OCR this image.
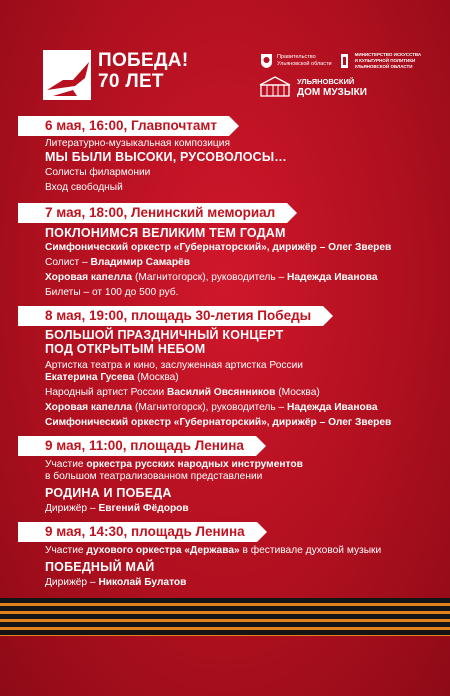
ПОБЕДА!
70 ЛЕТ
Правительство
Ульяновской области
МИНИСТЕРСТВО ИСКУССТВА
И КУЛЬТУРНОЙ ПОЛИТИКИ
УЛЬЯНОВСКОЙ ОБЛАСТИ
УЛЬЯНОВСКИЙ
ДОМ МУЗЫКИ
6 мая, 16:00, Главпочтамт
Литературно-музыкальная композиция
МЫ БЫЛИ ВЫСОКИ, РУСОВОЛОСЫ…
Солисты филармонии
Вход свободный
7 мая, 18:00, Ленинский мемориал
ПОКЛОНИМСЯ ВЕЛИКИМ ТЕМ ГОДАМ
Симфонический оркестр «Губернаторский», дирижёр – Олег Зверев
Солист – Владимир Самарёв
Хоровая капелла (Магнитогорск), руководитель – Надежда Иванова
Билеты – от 100 до 500 руб.
8 мая, 19:00, площадь 30-летия Победы
БОЛЬШОЙ ПРАЗДНИЧНЫЙ КОНЦЕРТ
ПОД ОТКРЫТЫМ НЕБОМ
Артистка театра и кино, заслуженная артистка России
Екатерина Гусева (Москва)
Народный артист России Василий Овсянников (Москва)
Хоровая капелла (Магнитогорск), руководитель – Надежда Иванова
Симфонический оркестр «Губернаторский», дирижёр – Олег Зверев
9 мая, 11:00, площадь Ленина
Участие оркестра русских народных инструментов
в большом театрализованном представлении
РОДИНА И ПОБЕДА
Дирижёр – Евгений Фёдоров
9 мая, 14:30, площадь Ленина
Участие духового оркестра «Держава» в фестивале духовой музыки
ПОБЕДНЫЙ МАЙ
Дирижёр – Николай Булатов
